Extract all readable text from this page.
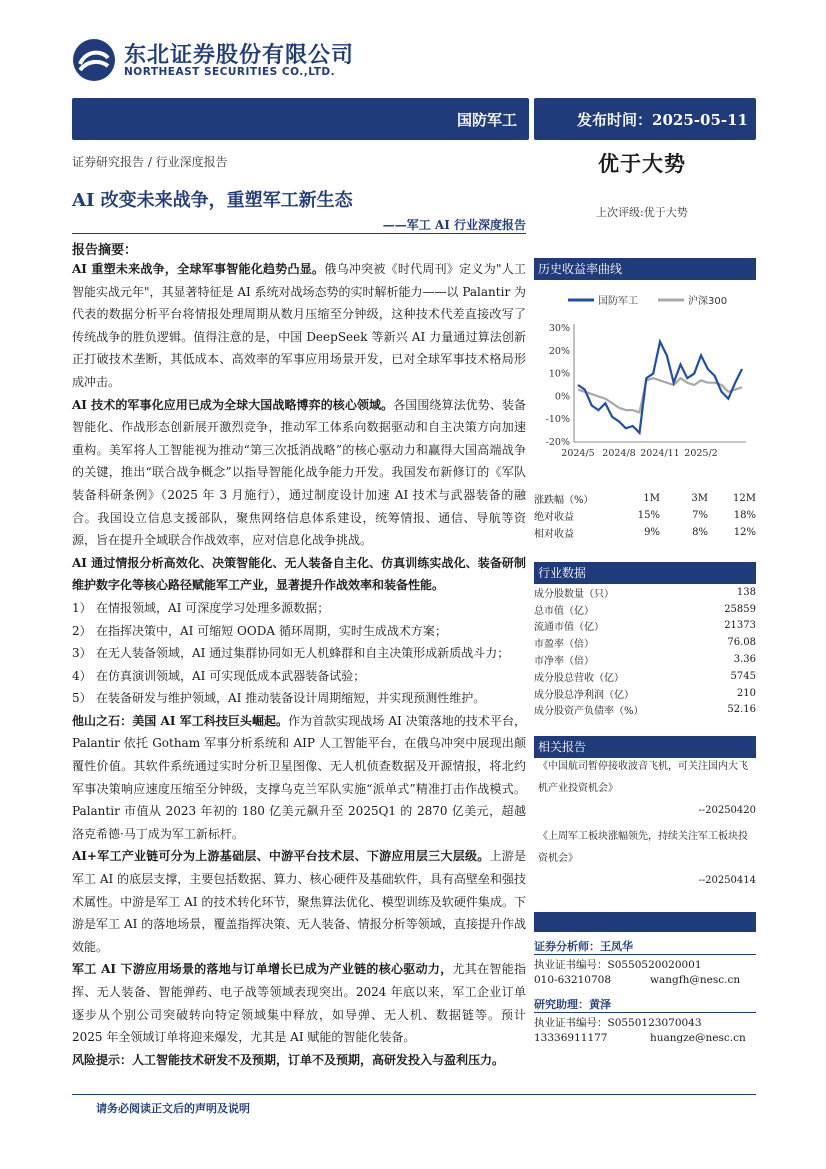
东北证券股份有限公司
NORTHEAST SECURITIES CO.,LTD.
国防军工	发布时间：2025-05-11
证券研究报告 / 行业深度报告	优于大势
AI 改变未来战争，重塑军工新生态
上次评级:优于大势
——军工 AI 行业深度报告
报告摘要：

AI 重塑未来战争，全球军事智能化趋势凸显。俄乌冲突被《时代周刊》定义为"人工智能实战元年"，其显著特征是 AI 系统对战场态势的实时解析能力——以 Palantir 为代表的数据分析平台将情报处理周期从数月压缩至分钟级，这种技术代差直接改写了传统战争的胜负逻辑。值得注意的是，中国 DeepSeek 等新兴 AI 力量通过算法创新正打破技术垄断，其低成本、高效率的军事应用场景开发，已对全球军事技术格局形成冲击。

AI 技术的军事化应用已成为全球大国战略博弈的核心领域。各国围绕算法优势、装备智能化、作战形态创新展开激烈竞争，推动军工体系向数据驱动和自主决策方向加速重构。美军将人工智能视为推动“第三次抵消战略”的核心驱动力和赢得大国高端战争的关键，推出“联合战争概念”以指导智能化战争能力开发。我国发布新修订的《军队装备科研条例》（2025 年 3 月施行），通过制度设计加速 AI 技术与武器装备的融合。我国设立信息支援部队，聚焦网络信息体系建设，统筹情报、通信、导航等资源，旨在提升全域联合作战效率，应对信息化战争挑战。

AI 通过情报分析高效化、决策智能化、无人装备自主化、仿真训练实战化、装备研制维护数字化等核心路径赋能军工产业，显著提升作战效率和装备性能。

1） 在情报领域，AI 可深度学习处理多源数据；
2） 在指挥决策中，AI 可缩短 OODA 循环周期，实时生成战术方案；
3） 在无人装备领域，AI 通过集群协同如无人机蜂群和自主决策形成新质战斗力；
4） 在仿真演训领域，AI 可实现低成本武器装备试验；
5） 在装备研发与维护领域，AI 推动装备设计周期缩短，并实现预测性维护。

他山之石：美国 AI 军工科技巨头崛起。作为首款实现战场 AI 决策落地的技术平台，Palantir 依托 Gotham 军事分析系统和 AIP 人工智能平台，在俄乌冲突中展现出颠覆性价值。其软件系统通过实时分析卫星图像、无人机侦查数据及开源情报，将北约军事决策响应速度压缩至分钟级，支撑乌克兰军队实施“派单式”精准打击作战模式。Palantir 市值从 2023 年初的 180 亿美元飙升至 2025Q1 的 2870 亿美元，超越洛克希德·马丁成为军工新标杆。

AI+军工产业链可分为上游基础层、中游平台技术层、下游应用层三大层级。上游是军工 AI 的底层支撑，主要包括数据、算力、核心硬件及基础软件，具有高壁垒和强技术属性。中游是军工 AI 的技术转化环节，聚焦算法优化、模型训练及软硬件集成。下游是军工 AI 的落地场景，覆盖指挥决策、无人装备、情报分析等领域，直接提升作战效能。

军工 AI 下游应用场景的落地与订单增长已成为产业链的核心驱动力，尤其在智能指挥、无人装备、智能弹药、电子战等领域表现突出。2024 年底以来，军工企业订单逐步从个别公司突破转向特定领域集中释放，如导弹、无人机、数据链等。预计 2025 年全领域订单将迎来爆发，尤其是 AI 赋能的智能化装备。

风险提示：人工智能技术研发不及预期，订单不及预期，高研发投入与盈利压力。

历史收益率曲线
国防军工	沪深300
30%
20%
10%
0%
-10%
-20%
2024/5 2024/8 2024/11 2025/2
涨跌幅（%）	1M	3M	12M
绝对收益	15%	7%	18%
相对收益	9%	8%	12%
行业数据
成分股数量（只）	138
总市值（亿）	25859
流通市值（亿）	21373
市盈率（倍）	76.08
市净率（倍）	3.36
成分股总营收（亿）	5745
成分股总净利润（亿）	210
成分股资产负债率（%）	52.16
相关报告
《中国航司暂停接收波音飞机，可关注国内大飞机产业投资机会》
--20250420
《上周军工板块涨幅领先，持续关注军工板块投资机会》
--20250414
证券分析师：王凤华
执业证书编号：S0550520020001
010-63210708	wangfh@nesc.cn
研究助理：黄泽
执业证书编号：S0550123070043
13336911177	huangze@nesc.cn
请务必阅读正文后的声明及说明
